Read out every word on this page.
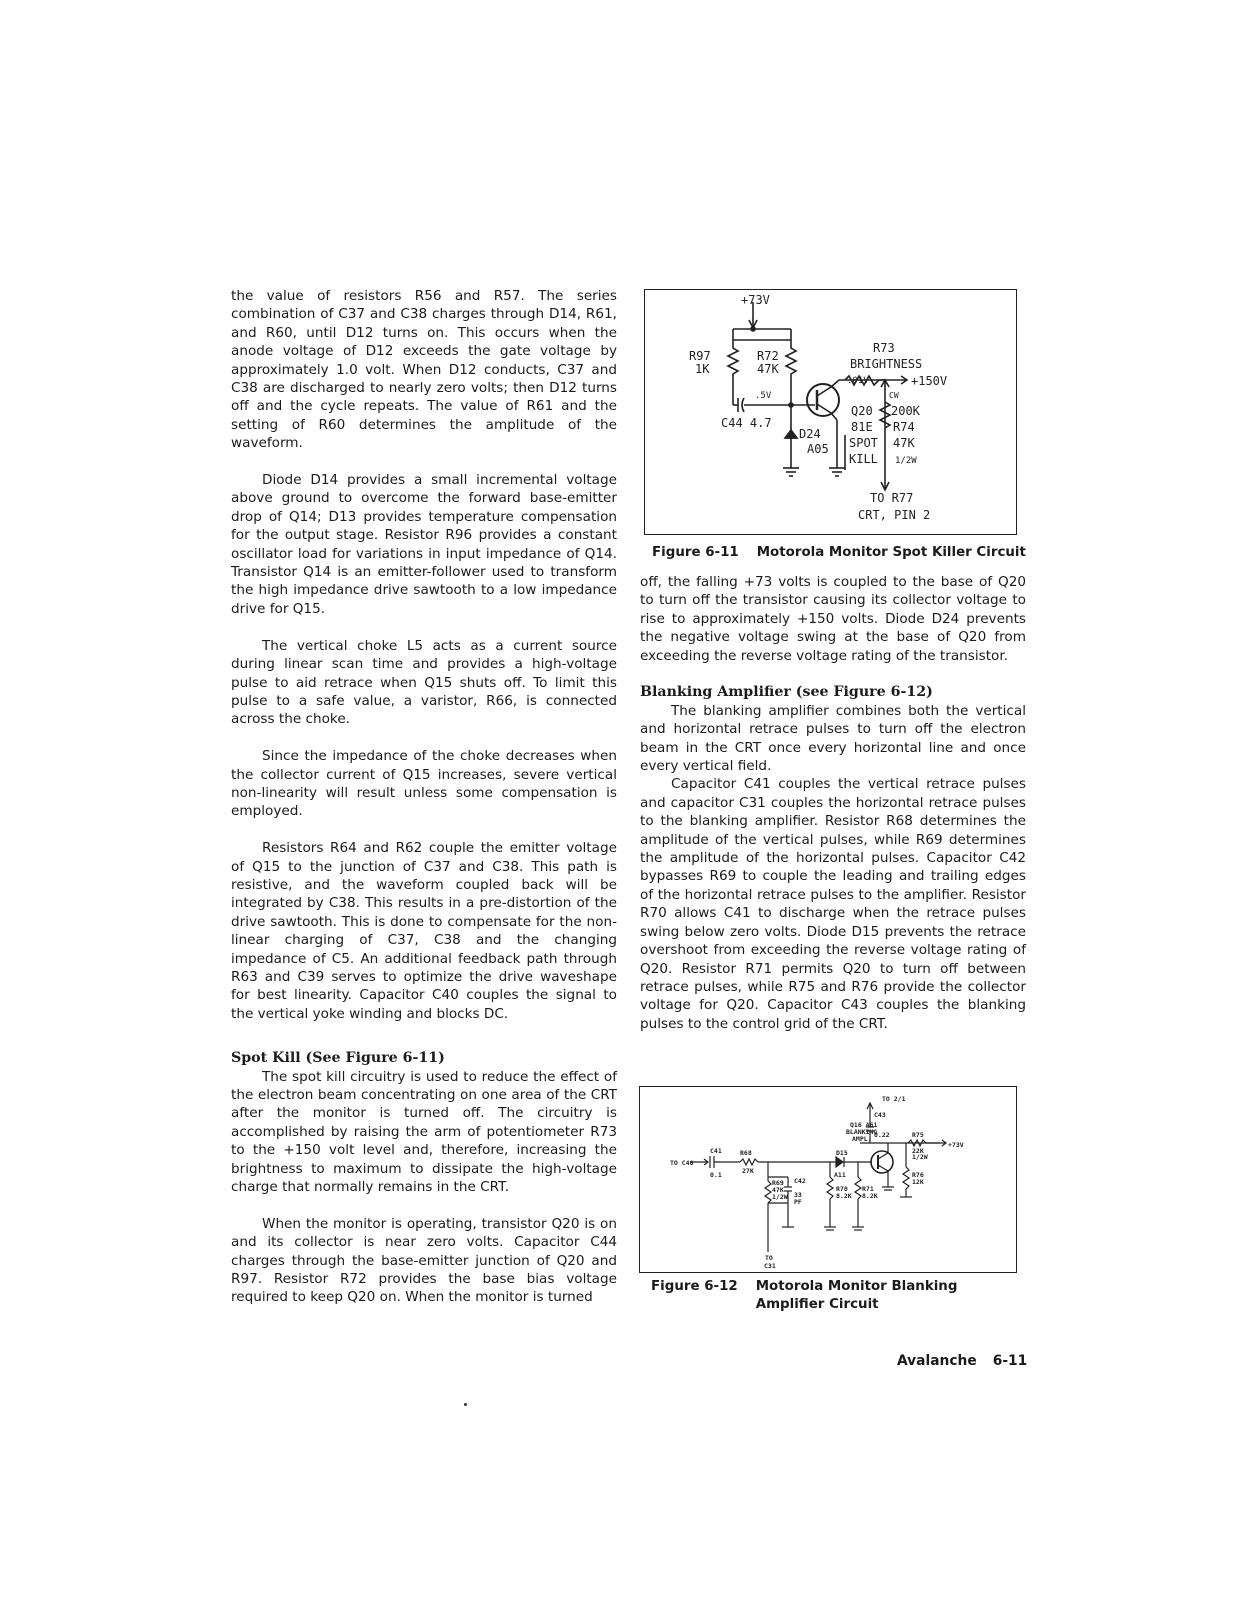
the value of resistors R56 and R57. The series combination of C37 and C38 charges through D14, R61, and R60, until D12 turns on. This occurs when the anode voltage of D12 exceeds the gate voltage by approximately 1.0 volt. When D12 conducts, C37 and C38 are discharged to nearly zero volts; then D12 turns off and the cycle repeats. The value of R61 and the setting of R60 determines the amplitude of the waveform.

Diode D14 provides a small incremental voltage above ground to overcome the forward base-emitter drop of Q14; D13 provides temperature compensation for the output stage. Resistor R96 provides a constant oscillator load for variations in input impedance of Q14. Transistor Q14 is an emitter-follower used to transform the high impedance drive sawtooth to a low impedance drive for Q15.

The vertical choke L5 acts as a current source during linear scan time and provides a high-voltage pulse to aid retrace when Q15 shuts off. To limit this pulse to a safe value, a varistor, R66, is connected across the choke.

Since the impedance of the choke decreases when the collector current of Q15 increases, severe vertical non-linearity will result unless some compensation is employed.

Resistors R64 and R62 couple the emitter voltage of Q15 to the junction of C37 and C38. This path is resistive, and the waveform coupled back will be integrated by C38. This results in a pre-distortion of the drive sawtooth. This is done to compensate for the non-linear charging of C37, C38 and the changing impedance of C5. An additional feedback path through R63 and C39 serves to optimize the drive waveshape for best linearity. Capacitor C40 couples the signal to the vertical yoke winding and blocks DC.

Spot Kill (See Figure 6-11)

The spot kill circuitry is used to reduce the effect of the electron beam concentrating on one area of the CRT after the monitor is turned off. The circuitry is accomplished by raising the arm of potentiometer R73 to the +150 volt level and, therefore, increasing the brightness to maximum to dissipate the high-voltage charge that normally remains in the CRT.

When the monitor is operating, transistor Q20 is on and its collector is near zero volts. Capacitor C44 charges through the base-emitter junction of Q20 and R97. Resistor R72 provides the base bias voltage required to keep Q20 on. When the monitor is turned

+73V
R97
1K
R72
47K
.5V
C44 4.7
D24
A05
R73
BRIGHTNESS
.01V	+150V
CW
Q20 200K
81E R74
SPOT 47K
KILL 1/2W
TO R77
CRT, PIN 2
Figure 6-11 Motorola Monitor Spot Killer Circuit

off, the falling +73 volts is coupled to the base of Q20 to turn off the transistor causing its collector voltage to rise to approximately +150 volts. Diode D24 prevents the negative voltage swing at the base of Q20 from exceeding the reverse voltage rating of the transistor.

Blanking Amplifier (see Figure 6-12)

The blanking amplifier combines both the vertical and horizontal retrace pulses to turn off the electron beam in the CRT once every horizontal line and once every vertical field.

Capacitor C41 couples the vertical retrace pulses and capacitor C31 couples the horizontal retrace pulses to the blanking amplifier. Resistor R68 determines the amplitude of the vertical pulses, while R69 determines the amplitude of the horizontal pulses. Capacitor C42 bypasses R69 to couple the leading and trailing edges of the horizontal retrace pulses to the amplifier. Resistor R70 allows C41 to discharge when the retrace pulses swing below zero volts. Diode D15 prevents the retrace overshoot from exceeding the reverse voltage rating of Q20. Resistor R71 permits Q20 to turn off between retrace pulses, while R75 and R76 provide the collector voltage for Q20. Capacitor C43 couples the blanking pulses to the control grid of the CRT.

TO 2/1
C43
Q16 A61
BLANKING
AMPL. 0.22	R75
+73V
22K
1/2W
C41
TO C40
0.1
R68
27K
D15
A11
C42
33
PF
R69
47K
1/2W
R70
8.2K
R71
8.2K
R76
12K
TO
C31
Figure 6-12 Motorola Monitor Blanking Amplifier Circuit
Avalanche 6-11
